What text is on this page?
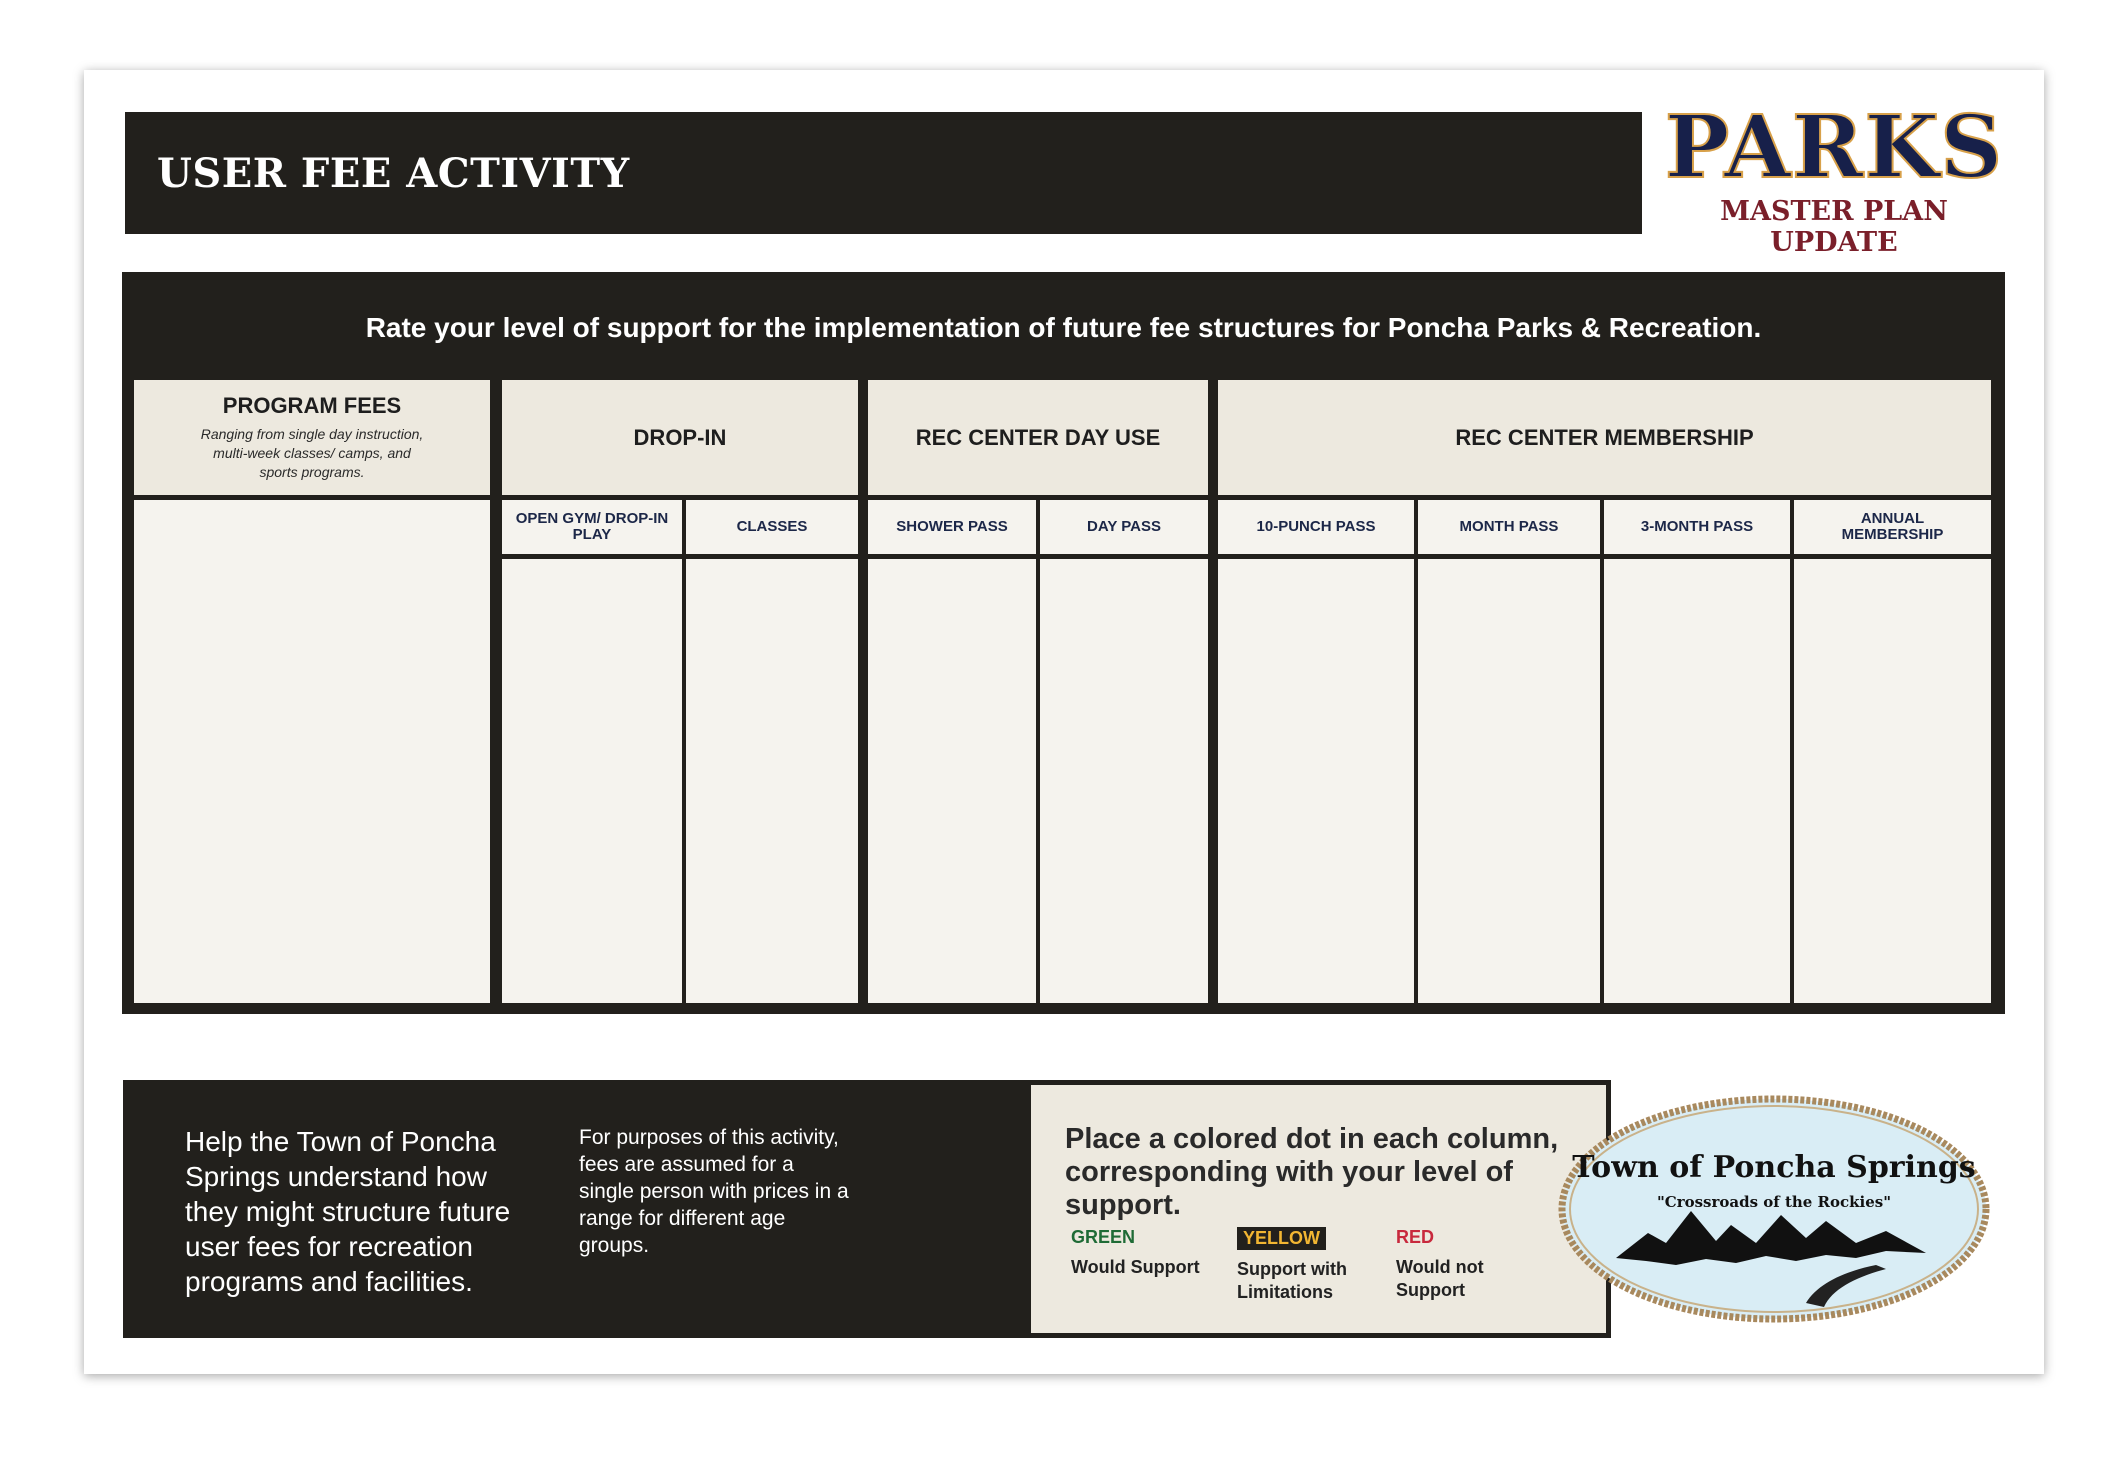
USER FEE ACTIVITY	PARKS
MASTER PLAN UPDATE
Rate your level of support for the implementation of future fee structures for Poncha Parks & Recreation.
PROGRAM FEES
Ranging from single day instruction, multi-week classes/ camps, and sports programs.
DROP-IN
OPEN GYM/ DROP-IN PLAY	CLASSES
REC CENTER DAY USE
SHOWER PASS	DAY PASS
REC CENTER MEMBERSHIP
10-PUNCH PASS	MONTH PASS	3-MONTH PASS	ANNUAL MEMBERSHIP
Help the Town of Poncha Springs understand how they might structure future user fees for recreation programs and facilities.
For purposes of this activity, fees are assumed for a single person with prices in a range for different age groups.
Place a colored dot in each column, corresponding with your level of support.
GREEN
Would Support
YELLOW
Support with Limitations
RED
Would not Support
Town of Poncha Springs
"Crossroads of the Rockies"
